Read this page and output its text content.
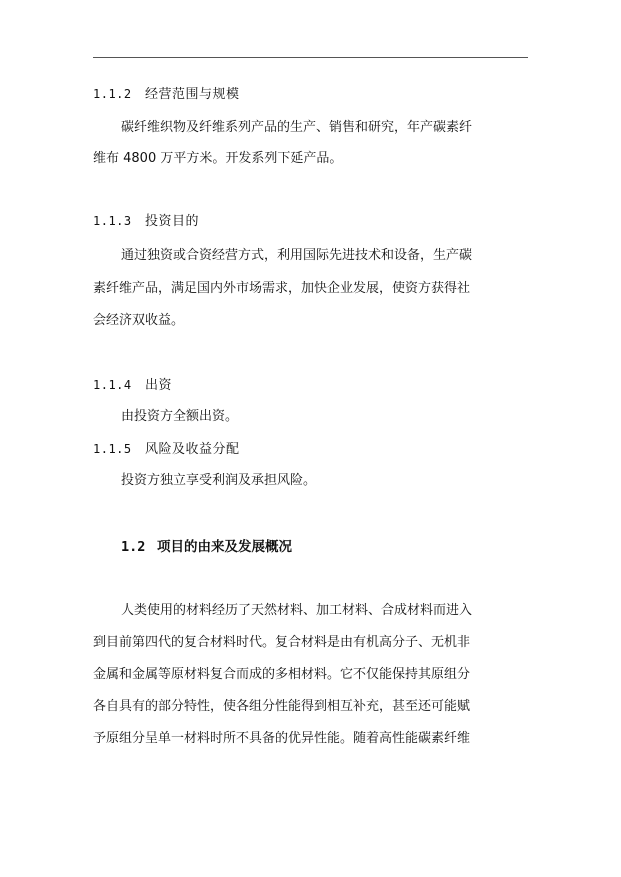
1.1.2 经营范围与规模
碳纤维织物及纤维系列产品的生产、销售和研究，年产碳素纤
维布 4800 万平方米。开发系列下延产品。
1.1.3 投资目的
通过独资或合资经营方式，利用国际先进技术和设备，生产碳
素纤维产品，满足国内外市场需求，加快企业发展，使资方获得社
会经济双收益。
1.1.4 出资
由投资方全额出资。
1.1.5 风险及收益分配
投资方独立享受利润及承担风险。
1.2 项目的由来及发展概况
人类使用的材料经历了天然材料、加工材料、合成材料而进入
到目前第四代的复合材料时代。复合材料是由有机高分子、无机非
金属和金属等原材料复合而成的多相材料。它不仅能保持其原组分
各自具有的部分特性，使各组分性能得到相互补充，甚至还可能赋
予原组分呈单一材料时所不具备的优异性能。随着高性能碳素纤维
